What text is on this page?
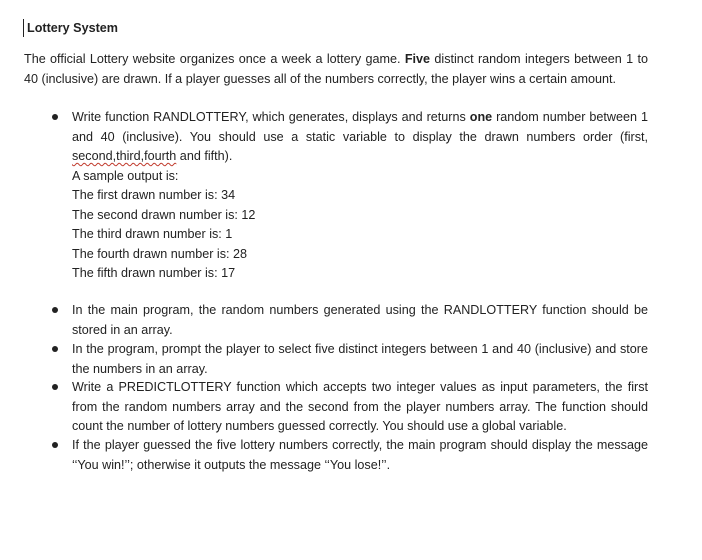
Lottery System
The official Lottery website organizes once a week a lottery game. Five distinct random integers between 1 to 40 (inclusive) are drawn. If a player guesses all of the numbers correctly, the player wins a certain amount.
Write function RANDLOTTERY, which generates, displays and returns one random number between 1 and 40 (inclusive). You should use a static variable to display the drawn numbers order (first, second,third,fourth and fifth).
A sample output is:
The first drawn number is: 34
The second drawn number is: 12
The third drawn number is: 1
The fourth drawn number is: 28
The fifth drawn number is: 17
In the main program, the random numbers generated using the RANDLOTTERY function should be stored in an array.
In the program, prompt the player to select five distinct integers between 1 and 40 (inclusive) and store the numbers in an array.
Write a PREDICTLOTTERY function which accepts two integer values as input parameters, the first from the random numbers array and the second from the player numbers array. The function should count the number of lottery numbers guessed correctly. You should use a global variable.
If the player guessed the five lottery numbers correctly, the main program should display the message ‘‘You win!’’; otherwise it outputs the message ‘‘You lose!’’.
